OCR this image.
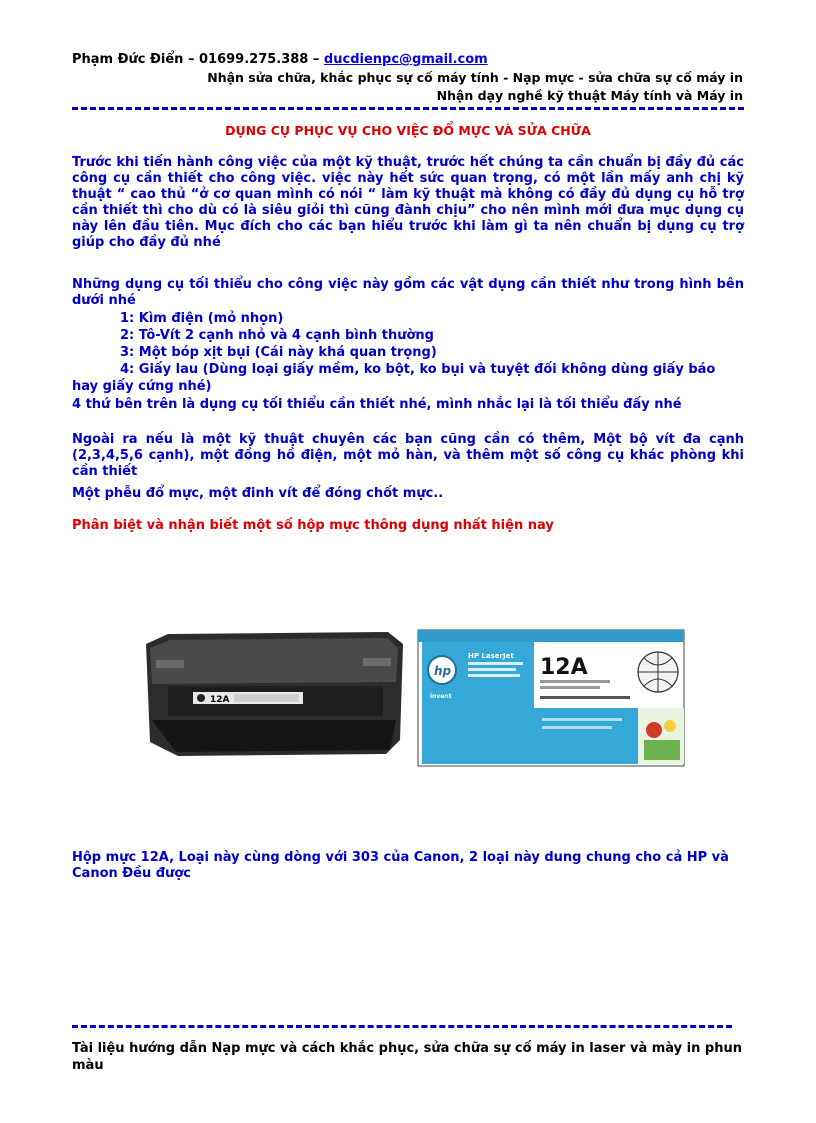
Phạm Đức Điển – 01699.275.388 – ducdienpc@gmail.com
Nhận sửa chữa, khắc phục sự cố máy tính - Nạp mực - sửa chữa sự cố máy in
Nhận dạy nghề kỹ thuật Máy tính và Máy in
DỤNG CỤ PHỤC VỤ CHO VIỆC ĐỔ MỰC VÀ SỬA CHỮA
Trước khi tiến hành công việc của một kỹ thuật, trước hết chúng ta cần chuẩn bị đầy đủ các công cụ cần thiết cho công việc. việc này hết sức quan trọng, có một lần mấy anh chị kỹ thuật “ cao thủ “ở cơ quan mình có nói “ làm kỹ thuật mà không có đầy đủ dụng cụ hỗ trợ cần thiết thì cho dù có là siêu giỏi thì cũng đành chịu” cho nên mình mới đưa mục dụng cụ này lên đầu tiên. Mục đích cho các bạn hiểu trước khi làm gì ta nên chuẩn bị dụng cụ trợ giúp cho đầy đủ nhé
Những dụng cụ tối thiểu cho công việc này gồm các vật dụng cần thiết như trong hình bên dưới nhé
1: Kìm điện (mỏ nhọn)
2: Tô-Vít 2 cạnh nhỏ và 4 cạnh bình thường
3: Một bóp xịt bụi (Cái này khá quan trọng)
4: Giấy lau (Dùng loại giấy mềm, ko bột, ko bụi và tuyệt đối không dùng giấy báo
hay giấy cứng nhé)
4 thứ bên trên là dụng cụ tối thiểu cần thiết nhé, mình nhắc lại là tối thiểu đấy nhé
Ngoài ra nếu là một kỹ thuật chuyên các bạn cũng cần có thêm, Một bộ vít đa cạnh (2,3,4,5,6 cạnh), một đồng hồ điện, một mỏ hàn, và thêm một số công cụ khác phòng khi cần thiết
Một phễu đổ mực, một đinh vít để đóng chốt mực..
Phân biệt và nhận biết một số hộp mực thông dụng nhất hiện nay
12A
hp
invent
HP LaserJet 12A
Hộp mực 12A, Loại này cùng dòng với 303 của Canon, 2 loại này dung chung cho cả HP và Canon Đều được
Tài liệu hướng dẫn Nạp mực và cách khắc phục, sửa chữa sự cố máy in laser và mày in phun màu
